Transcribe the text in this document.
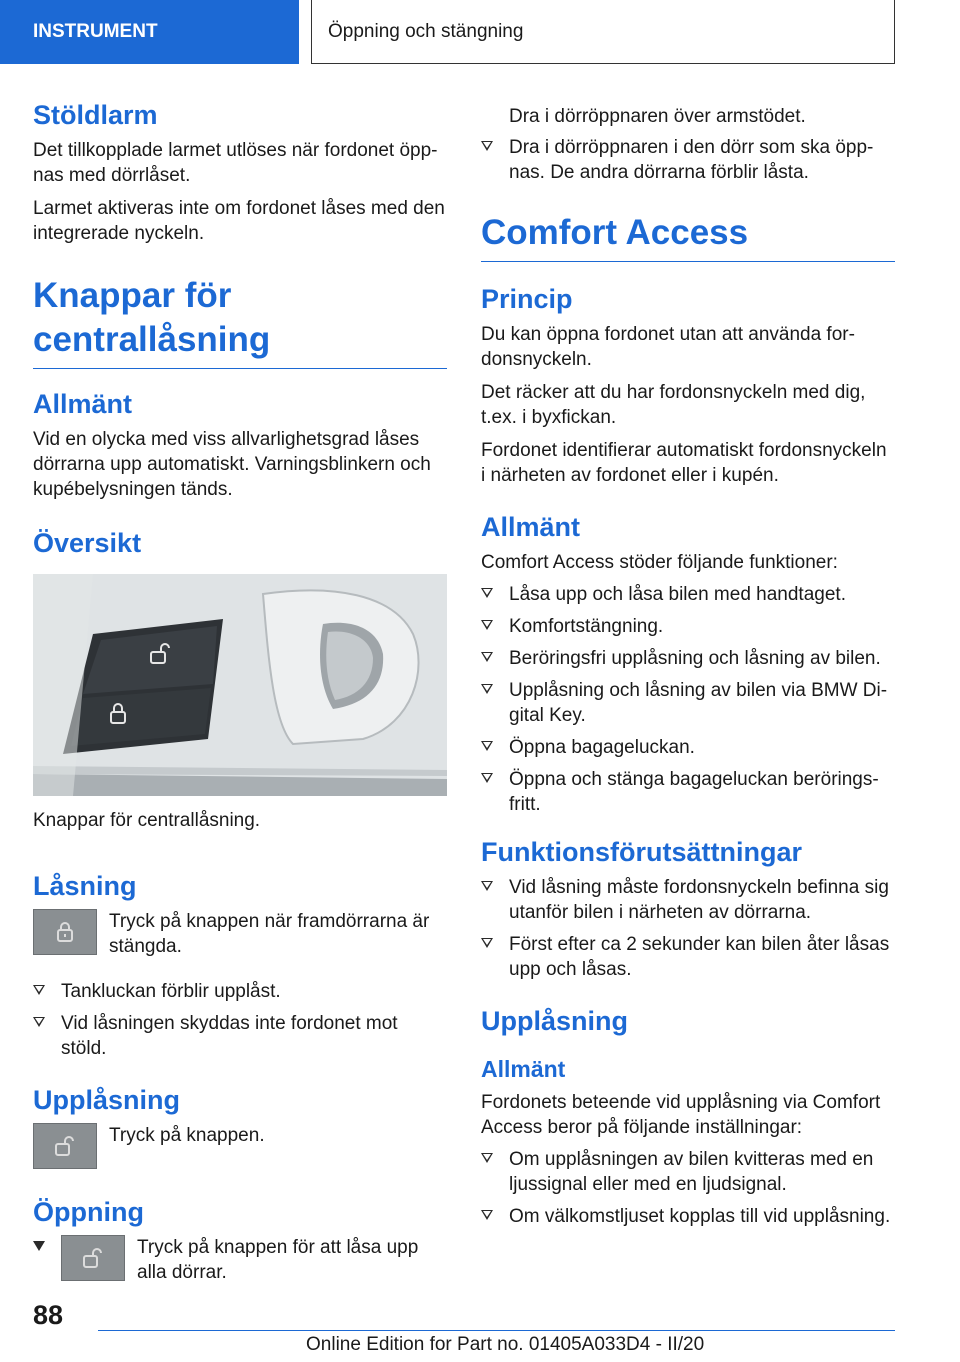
INSTRUMENT	Öppning och stängning
Stöldlarm

Det tillkopplade larmet utlöses när fordonet öpp-nas med dörrlåset.

Larmet aktiveras inte om fordonet låses med den integrerade nyckeln.

Knappar för centrallåsning
Allmänt

Vid en olycka med viss allvarlighetsgrad låses dörrarna upp automatiskt. Varningsblinkern och kupébelysningen tänds.

Översikt

Knappar för centrallåsning.

Låsning
Tryck på knappen när framdörrarna är stängda.
Tankluckan förblir upplåst.
Vid låsningen skyddas inte fordonet mot stöld.
Upplåsning
Tryck på knappen.
Öppning
Tryck på knappen för att låsa upp alla dörrar.

Dra i dörröppnaren över armstödet.

Dra i dörröppnaren i den dörr som ska öpp-nas. De andra dörrarna förblir låsta.
Comfort Access
Princip

Du kan öppna fordonet utan att använda for-donsnyckeln.

Det räcker att du har fordonsnyckeln med dig, t.ex. i byxfickan.

Fordonet identifierar automatiskt fordonsnyckeln i närheten av fordonet eller i kupén.

Allmänt

Comfort Access stöder följande funktioner:

Låsa upp och låsa bilen med handtaget.
Komfortstängning.
Beröringsfri upplåsning och låsning av bilen.
Upplåsning och låsning av bilen via BMW Di-gital Key.
Öppna bagageluckan.
Öppna och stänga bagageluckan berörings-fritt.
Funktionsförutsättningar
Vid låsning måste fordonsnyckeln befinna sig utanför bilen i närheten av dörrarna.
Först efter ca 2 sekunder kan bilen åter låsas upp och låsas.
Upplåsning
Allmänt

Fordonets beteende vid upplåsning via Comfort Access beror på följande inställningar:

Om upplåsningen av bilen kvitteras med en ljussignal eller med en ljudsignal.
Om välkomstljuset kopplas till vid upplåsning.
88
Online Edition for Part no. 01405A033D4 - II/20
